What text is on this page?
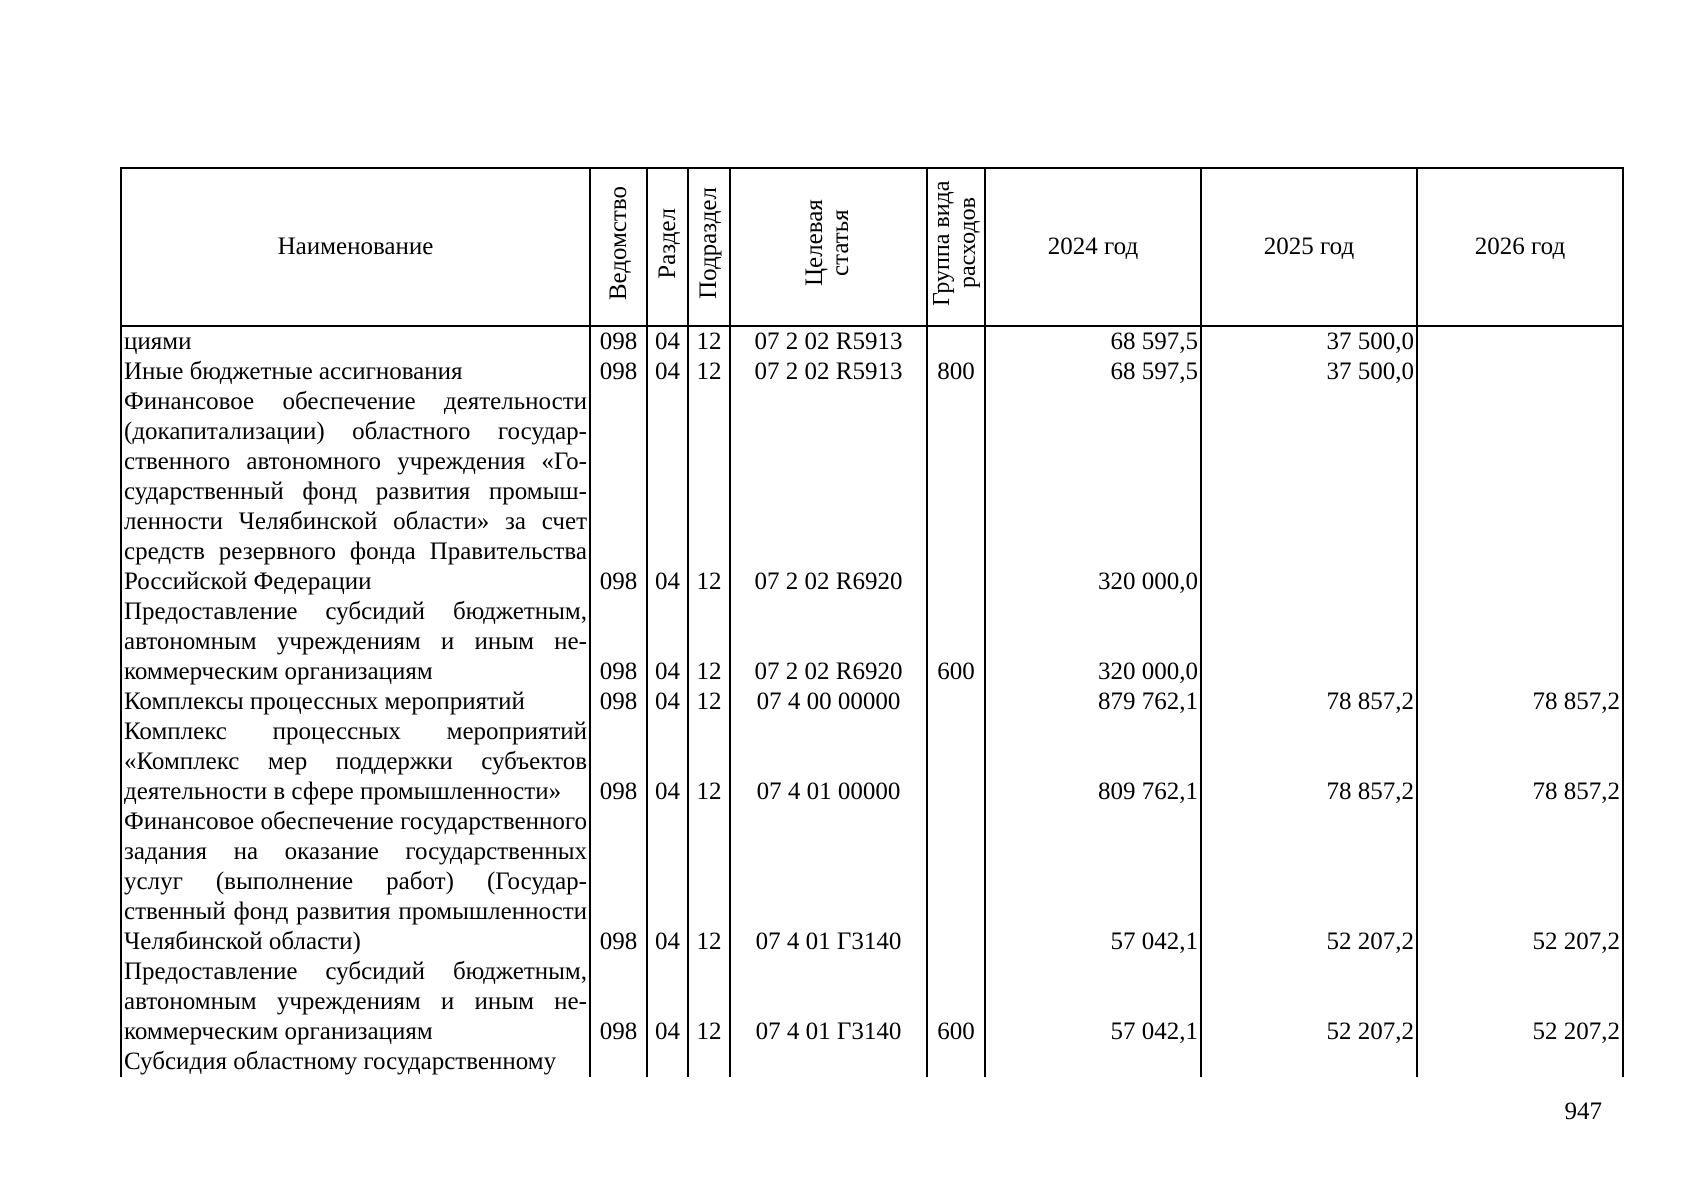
Наименование	Ведомство	Раздел	Подраздел	Целевая статья	Группа вида расходов	2024 год	2025 год	2026 год
циями	098	04	12	07 2 02 R5913		68 597,5	37 500,0	
Иные бюджетные ассигнования	098	04	12	07 2 02 R5913	800	68 597,5	37 500,0	
Финансовое обеспечение деятельности (докапитализации) областного государственного автономного учреждения «Государственный фонд развития промышленности Челябинской области» за счет средств резервного фонда Правительства Российской Федерации	098	04	12	07 2 02 R6920		320 000,0		
Предоставление субсидий бюджетным, автономным учреждениям и иным некоммерческим организациям	098	04	12	07 2 02 R6920	600	320 000,0		
Комплексы процессных мероприятий	098	04	12	07 4 00 00000		879 762,1	78 857,2	78 857,2
Комплекс процессных мероприятий «Комплекс мер поддержки субъектов деятельности в сфере промышленности»	098	04	12	07 4 01 00000		809 762,1	78 857,2	78 857,2
Финансовое обеспечение государственного задания на оказание государственных услуг (выполнение работ) (Государственный фонд развития промышленности Челябинской области)	098	04	12	07 4 01 Г3140		57 042,1	52 207,2	52 207,2
Предоставление субсидий бюджетным, автономным учреждениям и иным некоммерческим организациям	098	04	12	07 4 01 Г3140	600	57 042,1	52 207,2	52 207,2
Субсидия областному государственному								
947
